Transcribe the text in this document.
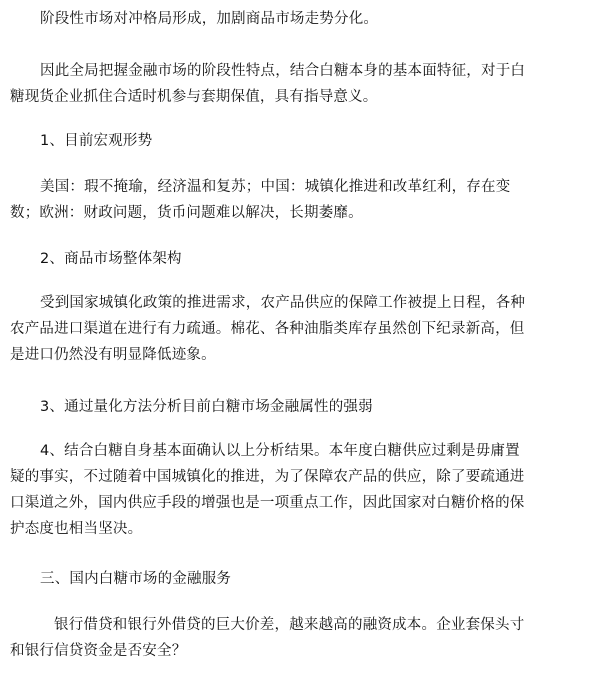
阶段性市场对冲格局形成，加剧商品市场走势分化。

因此全局把握金融市场的阶段性特点，结合白糖本身的基本面特征，对于白
糖现货企业抓住合适时机参与套期保值，具有指导意义。

1、目前宏观形势

美国：瑕不掩瑜，经济温和复苏；中国：城镇化推进和改革红利，存在变
数；欧洲：财政问题，货币问题难以解决，长期萎靡。

2、商品市场整体架构

受到国家城镇化政策的推进需求，农产品供应的保障工作被提上日程，各种
农产品进口渠道在进行有力疏通。棉花、各种油脂类库存虽然创下纪录新高，但
是进口仍然没有明显降低迹象。

3、通过量化方法分析目前白糖市场金融属性的强弱

4、结合白糖自身基本面确认以上分析结果。本年度白糖供应过剩是毋庸置
疑的事实，不过随着中国城镇化的推进，为了保障农产品的供应，除了要疏通进
口渠道之外，国内供应手段的增强也是一项重点工作，因此国家对白糖价格的保
护态度也相当坚决。

三、国内白糖市场的金融服务

银行借贷和银行外借贷的巨大价差，越来越高的融资成本。企业套保头寸
和银行信贷资金是否安全？
